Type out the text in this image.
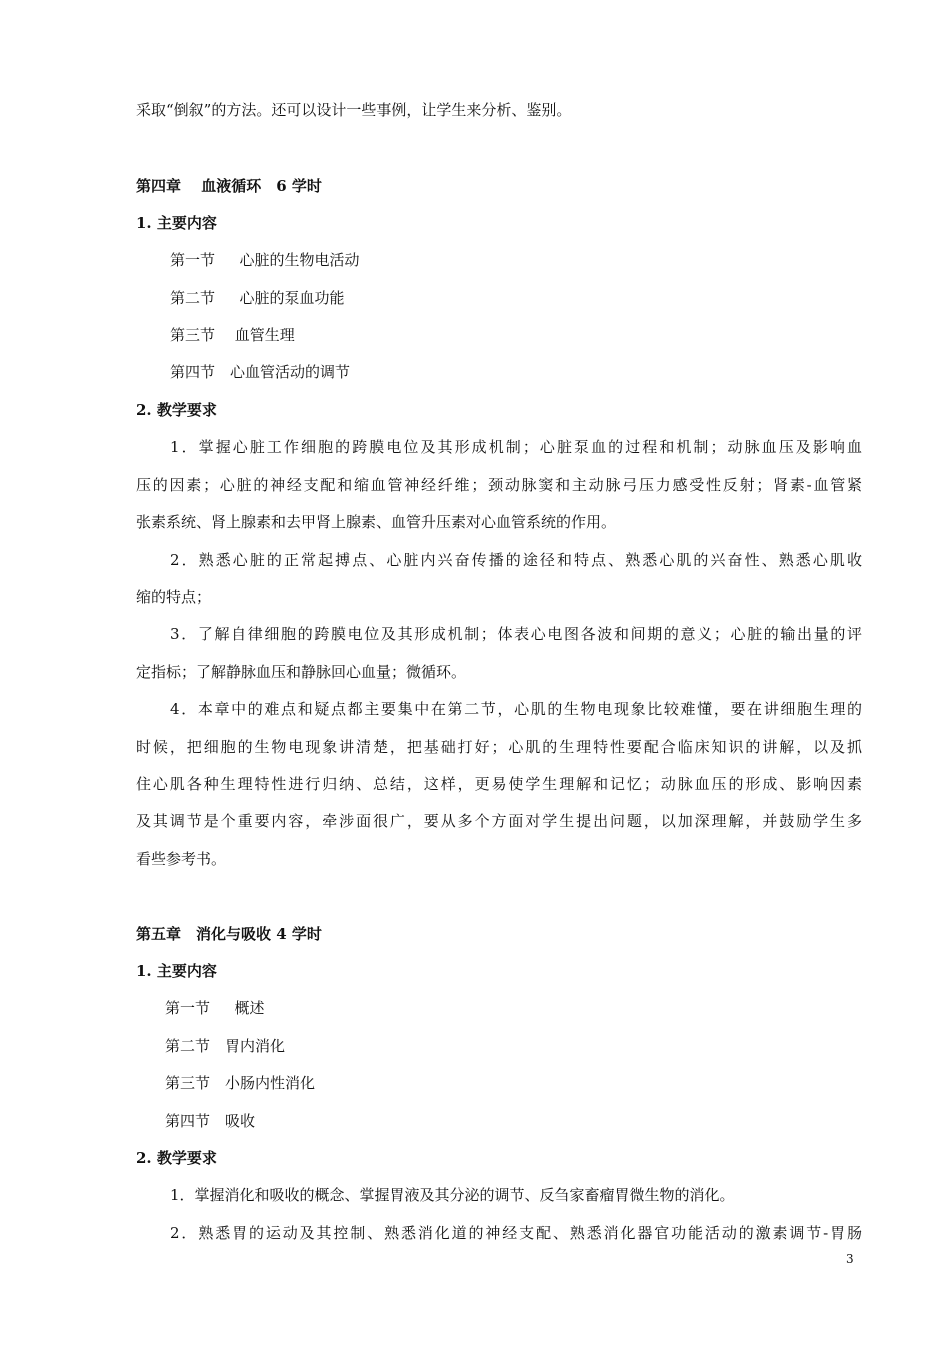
采取“倒叙”的方法。还可以设计一些事例，让学生来分析、鉴别。
第四章　 血液循环　6 学时
1. 主要内容
第一节 　 心脏的生物电活动
第二节 　 心脏的泵血功能
第三节　 血管生理
第四节　心血管活动的调节
2. 教学要求
1．掌握心脏工作细胞的跨膜电位及其形成机制；心脏泵血的过程和机制；动脉血压及影响血
压的因素；心脏的神经支配和缩血管神经纤维；颈动脉窦和主动脉弓压力感受性反射；肾素-血管紧
张素系统、肾上腺素和去甲肾上腺素、血管升压素对心血管系统的作用。
2．熟悉心脏的正常起搏点、心脏内兴奋传播的途径和特点、熟悉心肌的兴奋性、熟悉心肌收
缩的特点；
3．了解自律细胞的跨膜电位及其形成机制；体表心电图各波和间期的意义；心脏的输出量的评
定指标；了解静脉血压和静脉回心血量；微循环。
4．本章中的难点和疑点都主要集中在第二节，心肌的生物电现象比较难懂，要在讲细胞生理的
时候，把细胞的生物电现象讲清楚，把基础打好；心肌的生理特性要配合临床知识的讲解，以及抓
住心肌各种生理特性进行归纳、总结，这样，更易使学生理解和记忆；动脉血压的形成、影响因素
及其调节是个重要内容，牵涉面很广，要从多个方面对学生提出问题，以加深理解，并鼓励学生多
看些参考书。
第五章　消化与吸收 4 学时
1. 主要内容
第一节 　 概述
第二节　胃内消化
第三节　小肠内性消化
第四节　吸收
2. 教学要求
1．掌握消化和吸收的概念、掌握胃液及其分泌的调节、反刍家畜瘤胃微生物的消化。
2．熟悉胃的运动及其控制、熟悉消化道的神经支配、熟悉消化器官功能活动的激素调节-胃肠
3
